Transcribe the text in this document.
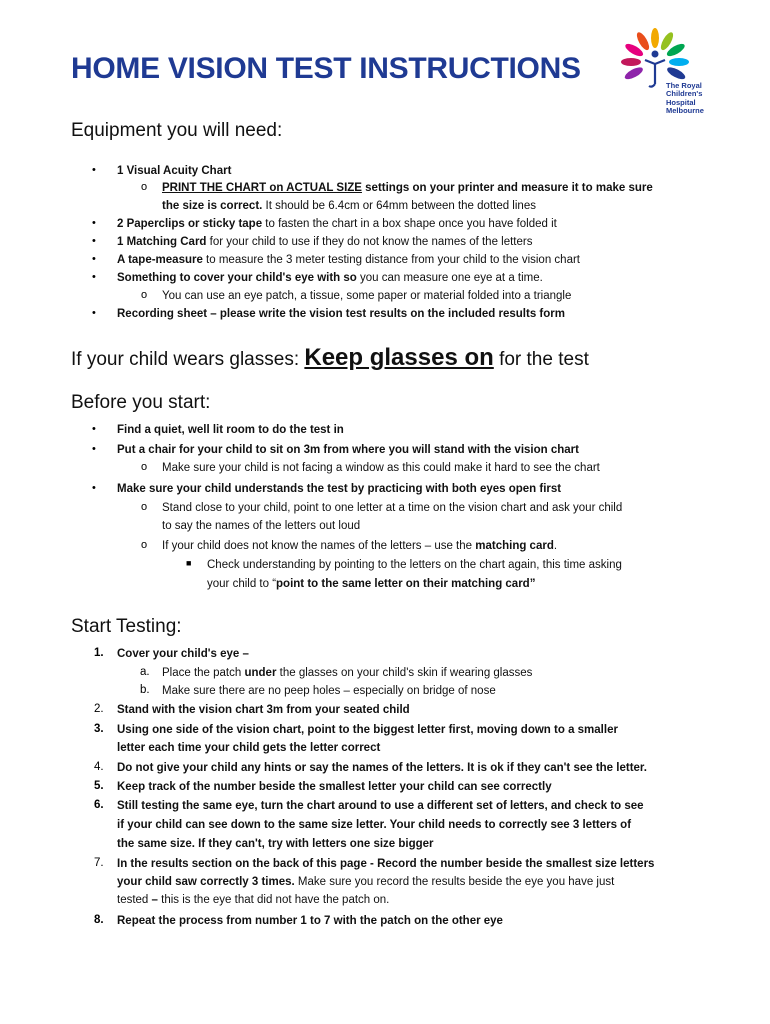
HOME VISION TEST INSTRUCTIONS
The Royal
Children's
Hospital
Melbourne
Equipment you will need:
• 1 Visual Acuity Chart
o PRINT THE CHART on ACTUAL SIZE settings on your printer and measure it to make sure
the size is correct. It should be 6.4cm or 64mm between the dotted lines
• 2 Paperclips or sticky tape to fasten the chart in a box shape once you have folded it
• 1 Matching Card for your child to use if they do not know the names of the letters
• A tape-measure to measure the 3 meter testing distance from your child to the vision chart
• Something to cover your child's eye with so you can measure one eye at a time.
o You can use an eye patch, a tissue, some paper or material folded into a triangle
• Recording sheet – please write the vision test results on the included results form
If your child wears glasses: Keep glasses on for the test
Before you start:
• Find a quiet, well lit room to do the test in
• Put a chair for your child to sit on 3m from where you will stand with the vision chart
o Make sure your child is not facing a window as this could make it hard to see the chart
• Make sure your child understands the test by practicing with both eyes open first
o Stand close to your child, point to one letter at a time on the vision chart and ask your child
to say the names of the letters out loud
o If your child does not know the names of the letters – use the matching card.
■ Check understanding by pointing to the letters on the chart again, this time asking
your child to “point to the same letter on their matching card”
Start Testing:
1. Cover your child's eye –
a. Place the patch under the glasses on your child's skin if wearing glasses
b. Make sure there are no peep holes – especially on bridge of nose
2. Stand with the vision chart 3m from your seated child
3. Using one side of the vision chart, point to the biggest letter first, moving down to a smaller
letter each time your child gets the letter correct
4. Do not give your child any hints or say the names of the letters. It is ok if they can't see the letter.
5. Keep track of the number beside the smallest letter your child can see correctly
6. Still testing the same eye, turn the chart around to use a different set of letters, and check to see
if your child can see down to the same size letter. Your child needs to correctly see 3 letters of
the same size. If they can't, try with letters one size bigger
7. In the results section on the back of this page - Record the number beside the smallest size letters
your child saw correctly 3 times. Make sure you record the results beside the eye you have just
tested – this is the eye that did not have the patch on.
8. Repeat the process from number 1 to 7 with the patch on the other eye
